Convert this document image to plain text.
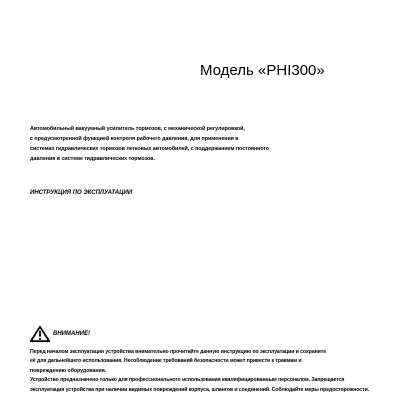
Модель «PHI300»

Автомобильный вакуумный усилитель тормозов, с механической регулировкой,

с предусмотренной функцией контроля рабочего давления, для применения в

системах гидравлических тормозов легковых автомобилей, с поддержанием постоянного

давления в системе гидравлических тормозов.

ИНСТРУКЦИЯ ПО ЭКСПЛУАТАЦИИ
ВНИМАНИЕ!

Перед началом эксплуатации устройства внимательно прочитайте данную инструкцию по эксплуатации и сохраните

её для дальнейшего использования. Несоблюдение требований безопасности может привести к травмам и

повреждению оборудования.

Устройство предназначено только для профессионального использования квалифицированным персоналом. Запрещается

эксплуатация устройства при наличии видимых повреждений корпуса, шлангов и соединений. Соблюдайте меры предосторожности.
